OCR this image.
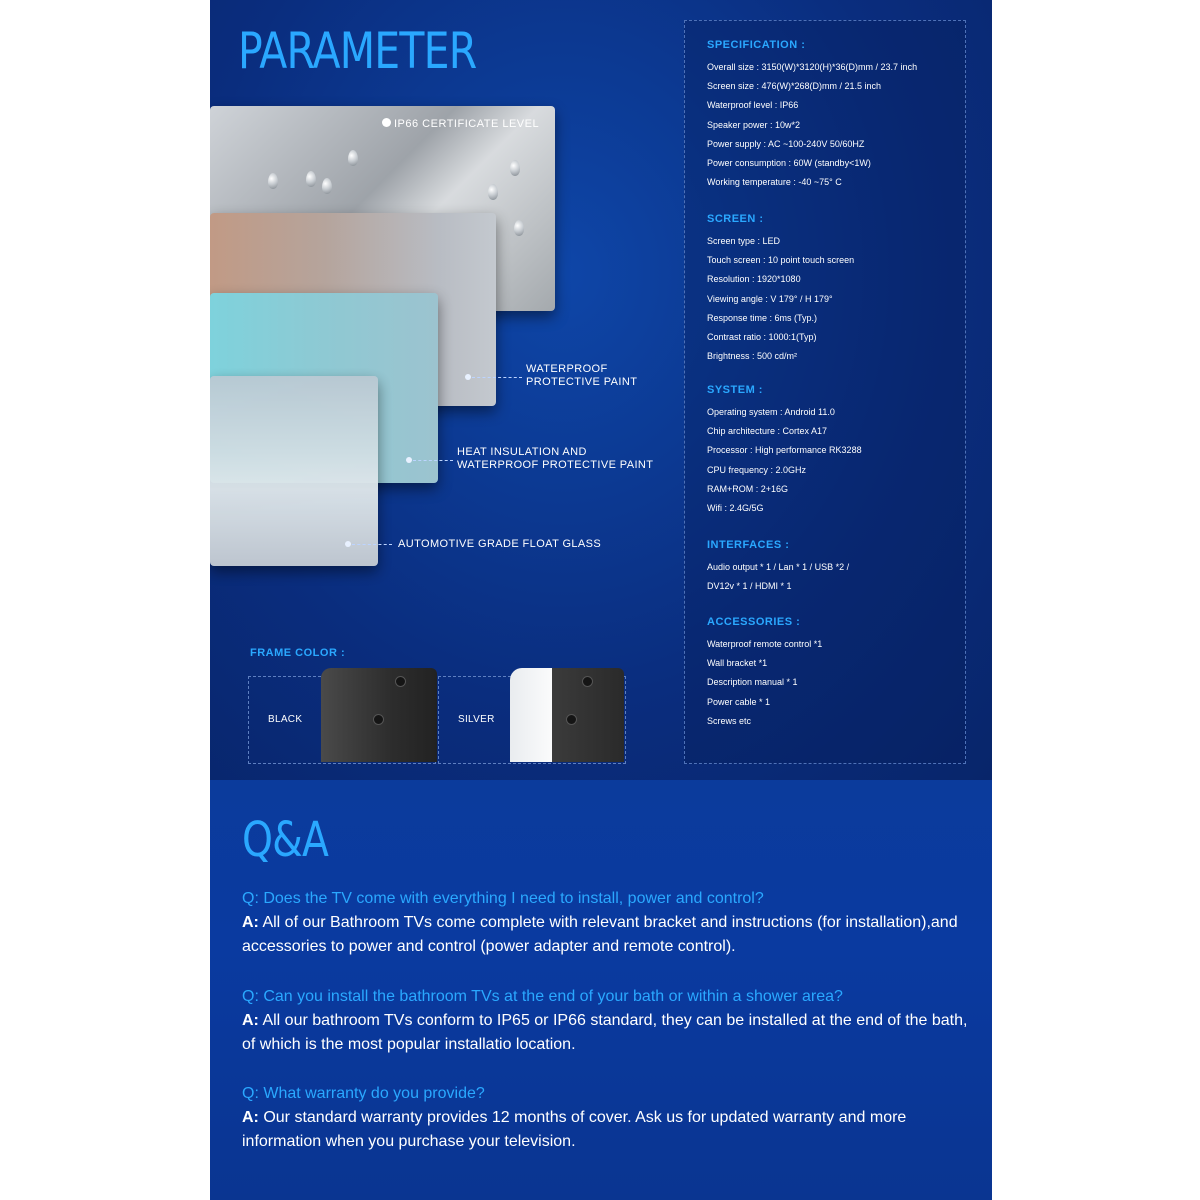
PARAMETER
IP66 CERTIFICATE LEVEL
WATERPROOF
PROTECTIVE PAINT
HEAT INSULATION AND
WATERPROOF PROTECTIVE PAINT
AUTOMOTIVE GRADE FLOAT GLASS
FRAME COLOR :
BLACK	SILVER
SPECIFICATION :
Overall size : 3150(W)*3120(H)*36(D)mm / 23.7 inch
Screen size : 476(W)*268(D)mm / 21.5 inch
Waterproof level : IP66
Speaker power : 10w*2
Power supply : AC ~100-240V 50/60HZ
Power consumption : 60W (standby<1W)
Working temperature : -40 ~75° C
SCREEN :
Screen type : LED
Touch screen : 10 point touch screen
Resolution : 1920*1080
Viewing angle : V 179° / H 179°
Response time : 6ms (Typ.)
Contrast ratio : 1000:1(Typ)
Brightness : 500 cd/m²
SYSTEM :
Operating system : Android 11.0
Chip architecture : Cortex A17
Processor : High performance RK3288
CPU frequency : 2.0GHz
RAM+ROM : 2+16G
Wifi : 2.4G/5G
INTERFACES :
Audio output * 1 / Lan * 1 / USB *2 /
DV12v * 1 / HDMI * 1
ACCESSORIES :
Waterproof remote control *1
Wall bracket *1
Description manual * 1
Power cable * 1
Screws etc
Q&A
Q: Does the TV come with everything I need to install, power and control?
A: All of our Bathroom TVs come complete with relevant bracket and instructions (for installation),and accessories to power and control (power adapter and remote control).
Q: Can you install the bathroom TVs at the end of your bath or within a shower area?
A: All our bathroom TVs conform to IP65 or IP66 standard, they can be installed at the end of the bath, of which is the most popular installatio location.
Q: What warranty do you provide?
A: Our standard warranty provides 12 months of cover. Ask us for updated warranty and more information when you purchase your television.
